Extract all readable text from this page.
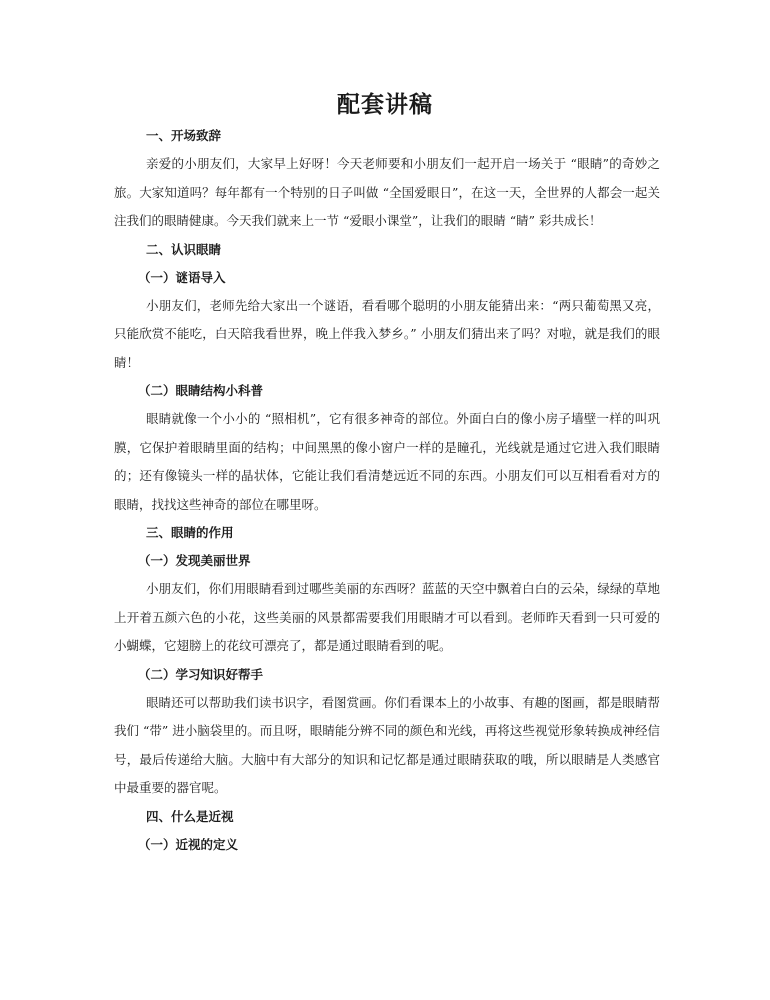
配套讲稿

一、开场致辞

亲爱的小朋友们，大家早上好呀！今天老师要和小朋友们一起开启一场关于 “眼睛”的奇妙之旅。大家知道吗？每年都有一个特别的日子叫做 “全国爱眼日”，在这一天，全世界的人都会一起关注我们的眼睛健康。今天我们就来上一节 “爱眼小课堂”，让我们的眼睛 “睛” 彩共成长！

二、认识眼睛

（一）谜语导入

小朋友们，老师先给大家出一个谜语，看看哪个聪明的小朋友能猜出来：“两只葡萄黑又亮，只能欣赏不能吃，白天陪我看世界，晚上伴我入梦乡。” 小朋友们猜出来了吗？对啦，就是我们的眼睛！

（二）眼睛结构小科普

眼睛就像一个小小的 “照相机”，它有很多神奇的部位。外面白白的像小房子墙壁一样的叫巩膜，它保护着眼睛里面的结构；中间黑黑的像小窗户一样的是瞳孔，光线就是通过它进入我们眼睛的；还有像镜头一样的晶状体，它能让我们看清楚远近不同的东西。小朋友们可以互相看看对方的眼睛，找找这些神奇的部位在哪里呀。

三、眼睛的作用

（一）发现美丽世界

小朋友们，你们用眼睛看到过哪些美丽的东西呀？蓝蓝的天空中飘着白白的云朵，绿绿的草地上开着五颜六色的小花，这些美丽的风景都需要我们用眼睛才可以看到。老师昨天看到一只可爱的小蝴蝶，它翅膀上的花纹可漂亮了，都是通过眼睛看到的呢。

（二）学习知识好帮手

眼睛还可以帮助我们读书识字，看图赏画。你们看课本上的小故事、有趣的图画，都是眼睛帮我们 “带” 进小脑袋里的。而且呀，眼睛能分辨不同的颜色和光线，再将这些视觉形象转换成神经信号，最后传递给大脑。大脑中有大部分的知识和记忆都是通过眼睛获取的哦，所以眼睛是人类感官中最重要的器官呢。

四、什么是近视

（一）近视的定义
